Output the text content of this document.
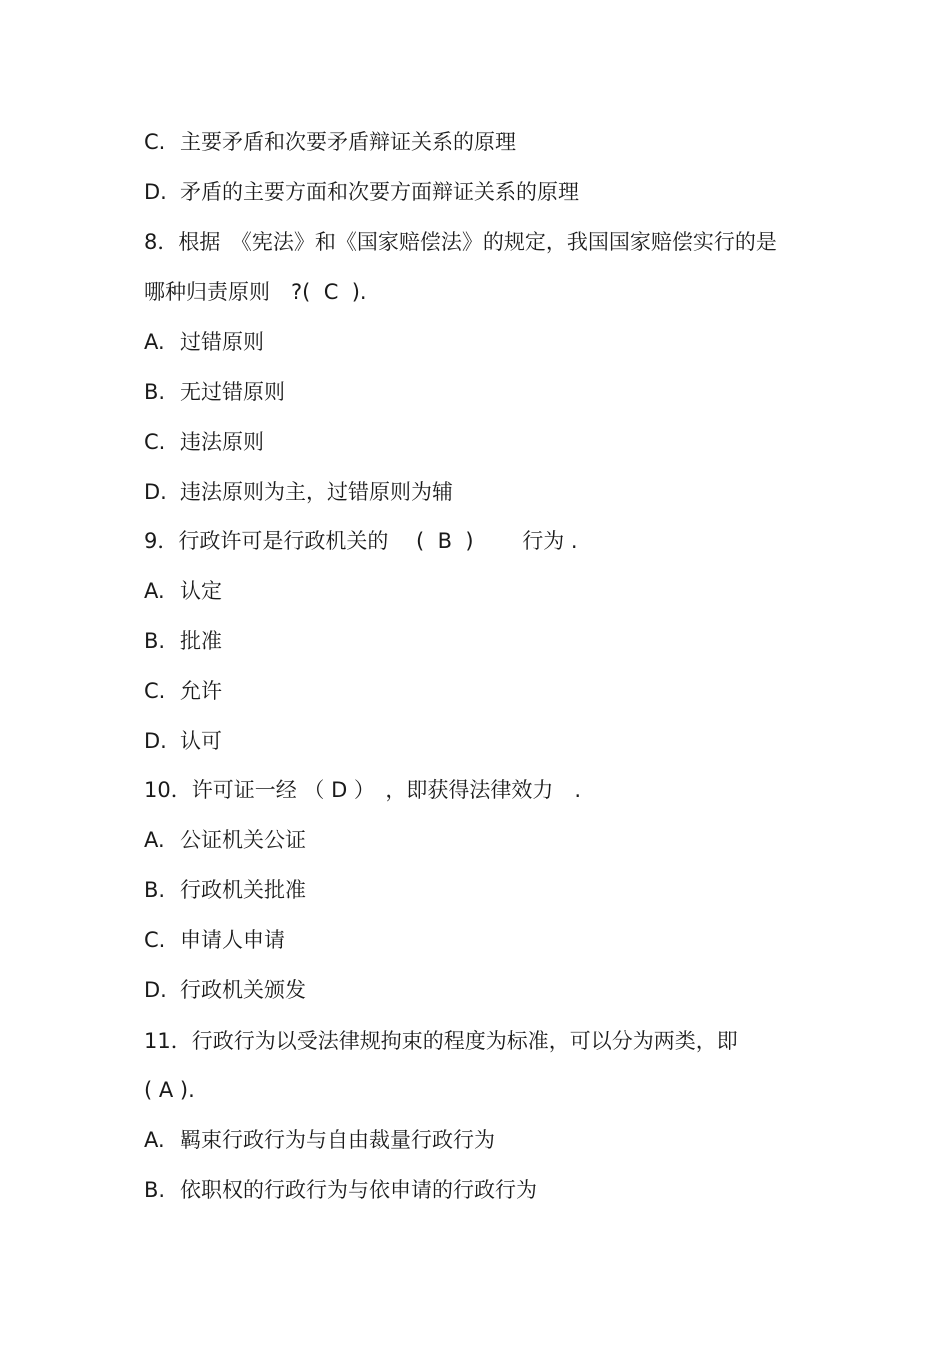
C. 主要矛盾和次要矛盾辩证关系的原理
D. 矛盾的主要方面和次要方面辩证关系的原理
8．根据　《宪法》和《国家赔偿法》的规定，我国国家赔偿实行的是
哪种归责原则　?(  C  ).
A. 过错原则
B. 无过错原则
C. 违法原则
D. 违法原则为主，过错原则为辅
9．行政许可是行政机关的　 (  B  )　　 行为 .
A. 认定
B. 批准
C. 允许
D. 认可
10．许可证一经 （ D ）　，即获得法律效力　.
A. 公证机关公证
B. 行政机关批准
C. 申请人申请
D. 行政机关颁发
11．行政行为以受法律规拘束的程度为标准，可以分为两类，即
( A ).
A. 羁束行政行为与自由裁量行政行为
B. 依职权的行政行为与依申请的行政行为
